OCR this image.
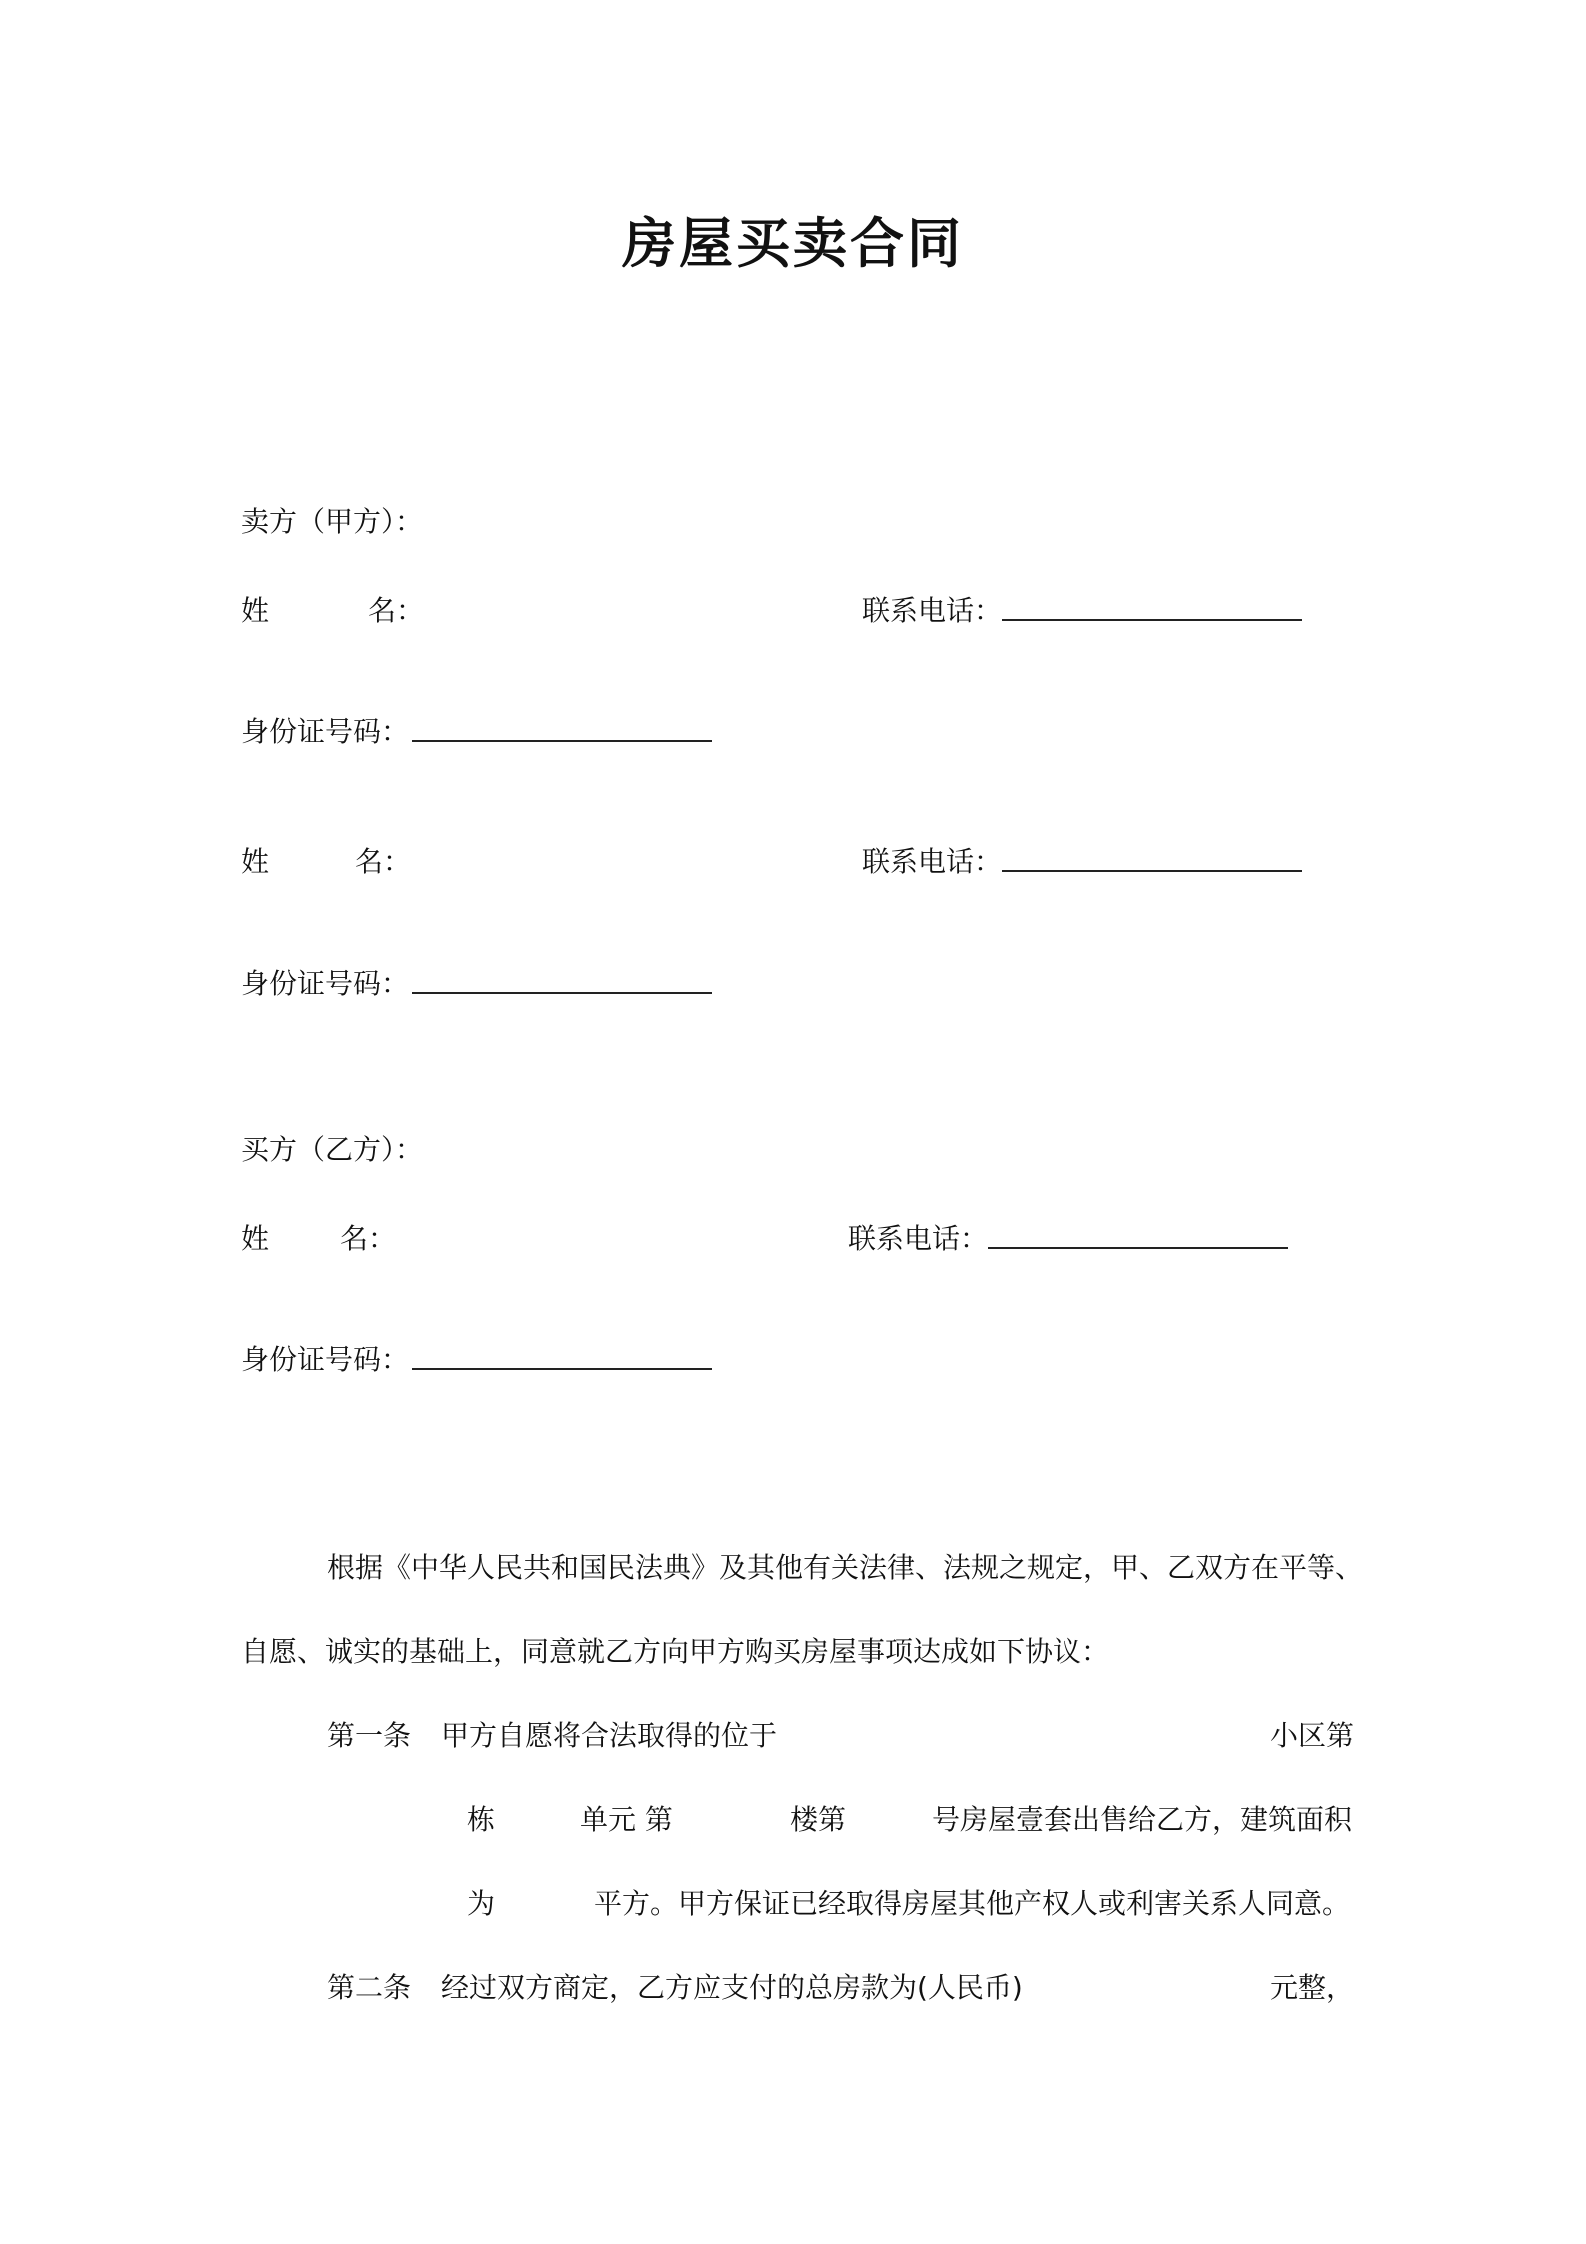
房屋买卖合同
卖方（甲方）：
姓	名：	联系电话：
身份证号码：
姓	名：	联系电话：
身份证号码：
买方（乙方）：
姓	名：	联系电话：
身份证号码：
根据《中华人民共和国民法典》及其他有关法律、法规之规定，甲、乙双方在平等、
自愿、诚实的基础上，同意就乙方向甲方购买房屋事项达成如下协议：
第一条 甲方自愿将合法取得的位于	小区第
栋	单元 第	楼第	号房屋壹套出售给乙方，建筑面积
为	平方。甲方保证已经取得房屋其他产权人或利害关系人同意。
第二条 经过双方商定，乙方应支付的总房款为(人民币)	元整，
